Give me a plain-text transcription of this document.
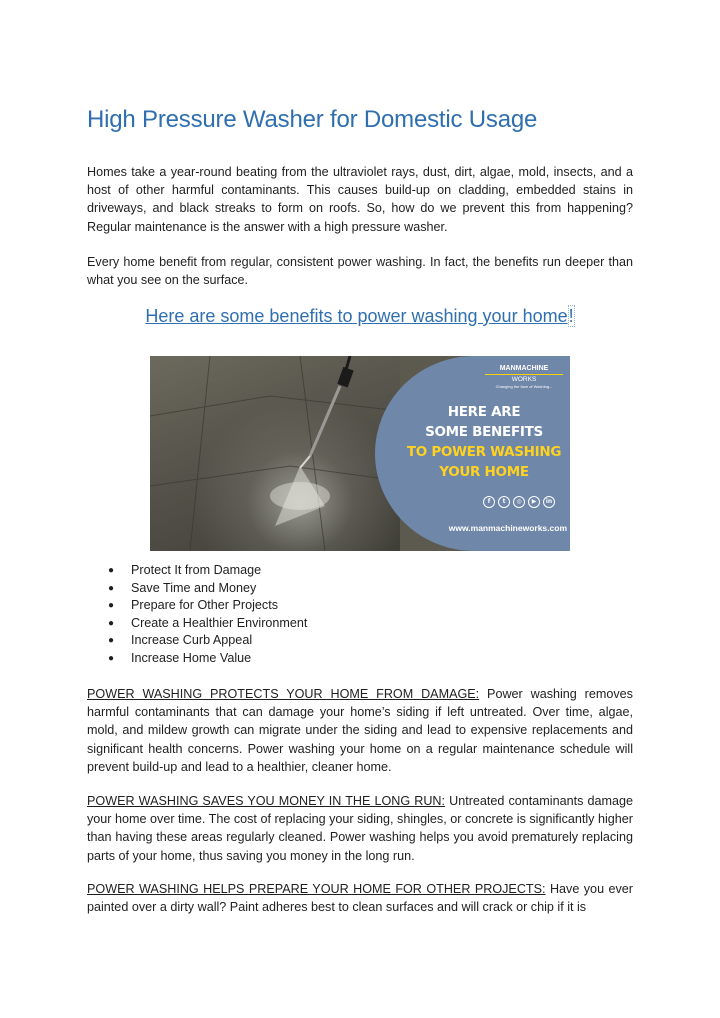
High Pressure Washer for Domestic Usage

Homes take a year-round beating from the ultraviolet rays, dust, dirt, algae, mold, insects, and a host of other harmful contaminants. This causes build-up on cladding, embedded stains in driveways, and black streaks to form on roofs. So, how do we prevent this from happening? Regular maintenance is the answer with a high pressure washer.

Every home benefit from regular, consistent power washing. In fact, the benefits run deeper than what you see on the surface.

Here are some benefits to power washing your home!
MANMACHINE
WORKS
Changing the face of Washing...
HERE ARE
SOME BENEFITS
TO POWER WASHING
YOUR HOME
f	t	◎	▶	in
www.manmachineworks.com
● Protect It from Damage
● Save Time and Money
● Prepare for Other Projects
● Create a Healthier Environment
● Increase Curb Appeal
● Increase Home Value

POWER WASHING PROTECTS YOUR HOME FROM DAMAGE: Power washing removes harmful contaminants that can damage your home’s siding if left untreated. Over time, algae, mold, and mildew growth can migrate under the siding and lead to expensive replacements and significant health concerns. Power washing your home on a regular maintenance schedule will prevent build-up and lead to a healthier, cleaner home.

POWER WASHING SAVES YOU MONEY IN THE LONG RUN: Untreated contaminants damage your home over time. The cost of replacing your siding, shingles, or concrete is significantly higher than having these areas regularly cleaned. Power washing helps you avoid prematurely replacing parts of your home, thus saving you money in the long run.

POWER WASHING HELPS PREPARE YOUR HOME FOR OTHER PROJECTS: Have you ever painted over a dirty wall? Paint adheres best to clean surfaces and will crack or chip if it is
